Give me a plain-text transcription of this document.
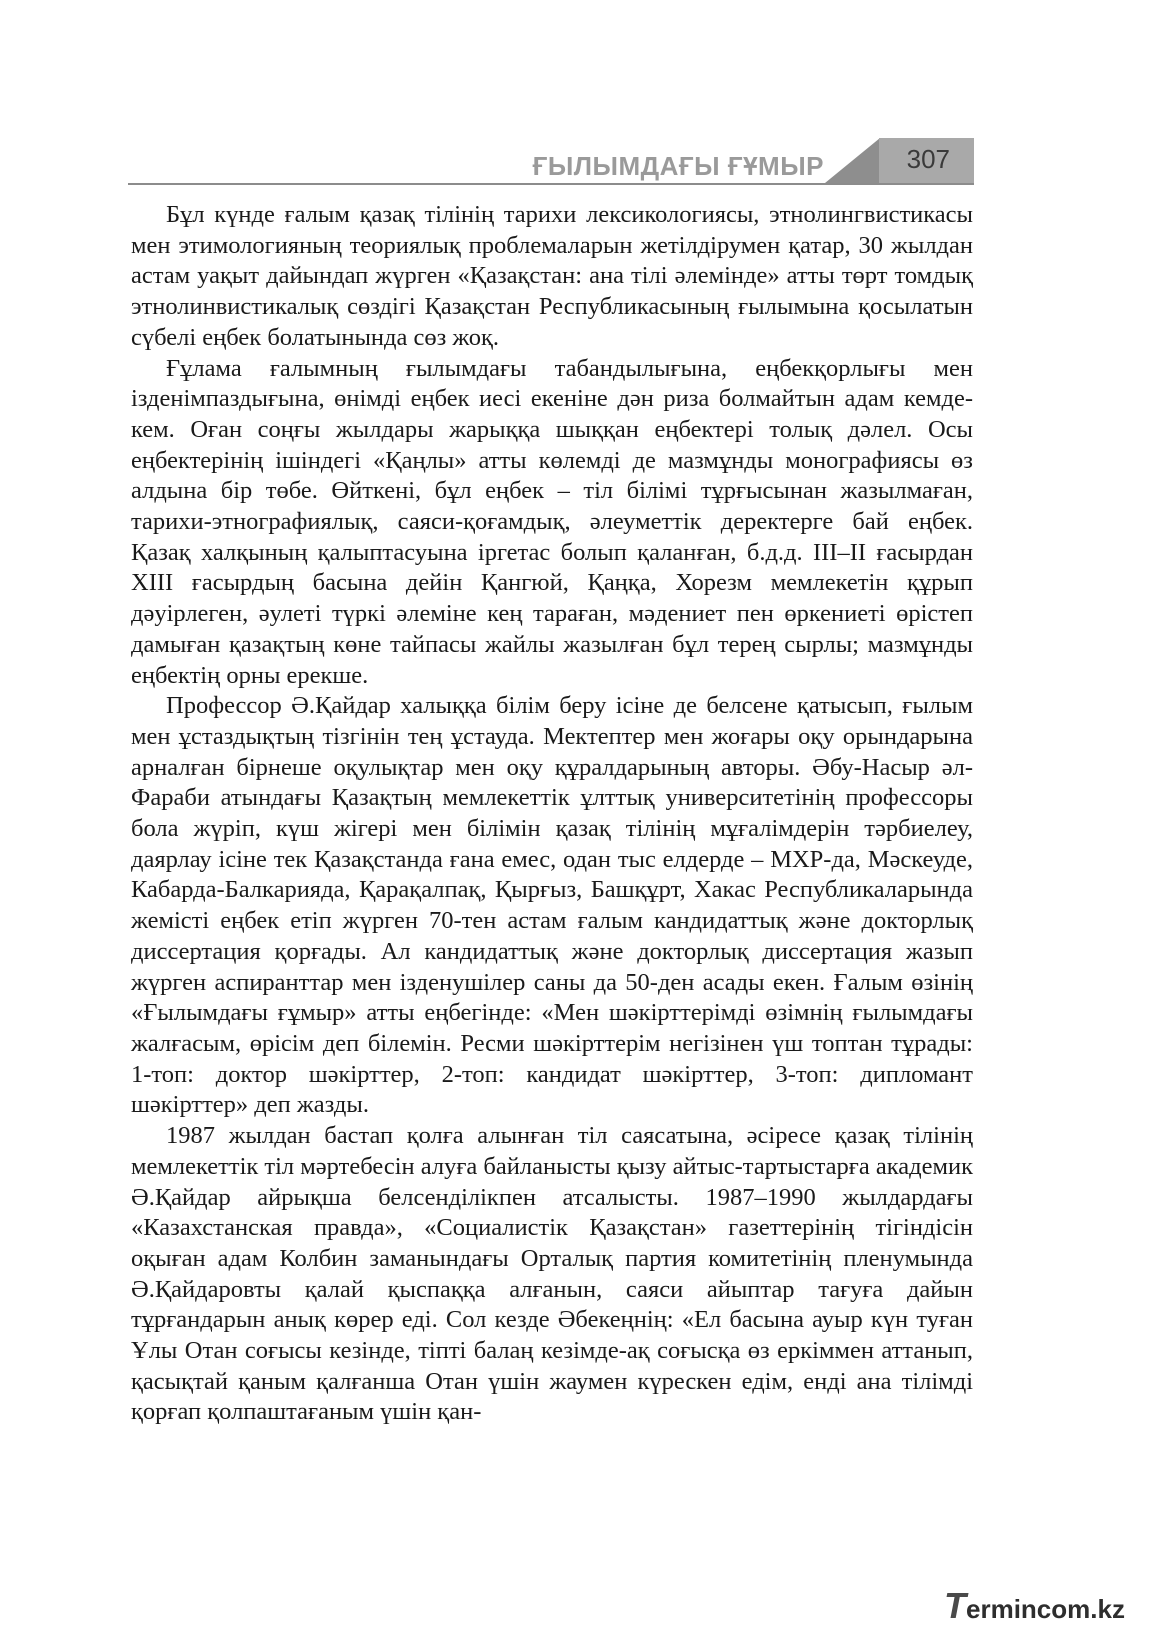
ҒЫЛЫМДАҒЫ ҒҰМЫР	307

Бұл күнде ғалым қазақ тілінің тарихи лексикологиясы, этнолингвистикасы мен этимологияның теориялық проблемаларын жетілдірумен қатар, 30 жылдан астам уақыт дайындап жүрген «Қазақстан: ана тілі әлемінде» атты төрт томдық этнолинвистикалық сөздігі Қазақстан Республикасының ғылымына қосылатын сүбелі еңбек болатынында сөз жоқ.

Ғұлама ғалымның ғылымдағы табандылығына, еңбекқорлығы мен ізденімпаздығына, өнімді еңбек иесі екеніне дән риза болмайтын адам кемде-кем. Оған соңғы жылдары жарыққа шыққан еңбектері толық дәлел. Осы еңбектерінің ішіндегі «Қаңлы» атты көлемді де мазмұнды монографиясы өз алдына бір төбе. Өйткені, бұл еңбек – тіл білімі тұрғысынан жазылмаған, тарихи-этнографиялық, саяси-қоғамдық, әлеуметтік деректерге бай еңбек. Қазақ халқының қалыптасуына іргетас болып қаланған, б.д.д. ІІІ–ІІ ғасырдан ХІІІ ғасырдың басына дейін Қангюй, Қаңқа, Хорезм мемлекетін құрып дәуірлеген, әулеті түркі әлеміне кең тараған, мәдениет пен өркениеті өрістеп дамыған қазақтың көне тайпасы жайлы жазылған бұл терең сырлы; мазмұнды еңбектің орны ерекше.

Профессор Ә.Қайдар халыққа білім беру ісіне де белсене қатысып, ғылым мен ұстаздықтың тізгінін тең ұстауда. Мектептер мен жоғары оқу орындарына арналған бірнеше оқулықтар мен оқу құралдарының авторы. Әбу-Насыр әл-Фараби атындағы Қазақтың мемлекеттік ұлттық университетінің профессоры бола жүріп, күш жігері мен білімін қазақ тілінің мұғалімдерін тәрбиелеу, даярлау ісіне тек Қазақстанда ғана емес, одан тыс елдерде – МХР-да, Мәскеуде, Кабарда-Балкарияда, Қарақалпақ, Қырғыз, Башқұрт, Хакас Республикаларында жемісті еңбек етіп жүрген 70-тен астам ғалым кандидаттық және докторлық диссертация қорғады. Ал кандидаттық және докторлық диссертация жазып жүрген аспиранттар мен ізденушілер саны да 50-ден асады екен. Ғалым өзінің «Ғылымдағы ғұмыр» атты еңбегінде: «Мен шәкірттерімді өзімнің ғылымдағы жалғасым, өрісім деп білемін. Ресми шәкірттерім негізінен үш топтан тұрады: 1-топ: доктор шәкірттер, 2-топ: кандидат шәкірттер, 3-топ: дипломант шәкірттер» деп жазды.

1987 жылдан бастап қолға алынған тіл саясатына, әсіресе қазақ тілінің мемлекеттік тіл мәртебесін алуға байланысты қызу айтыс-тартыстарға академик Ә.Қайдар айрықша белсенділікпен атсалысты. 1987–1990 жылдардағы «Казахстанская правда», «Социалистік Қазақстан» газеттерінің тігіндісін оқыған адам Колбин заманындағы Орталық партия комитетінің пленумында Ә.Қайдаровты қалай қыспаққа алғанын, саяси айыптар тағуға дайын тұрғандарын анық көрер еді. Сол кезде Әбекеңнің: «Ел басына ауыр күн туған Ұлы Отан соғысы кезінде, тіпті балаң кезімде-ақ соғысқа өз еркіммен аттанып, қасықтай қаным қалғанша Отан үшін жаумен күрескен едім, енді ана тілімді қорғап қолпаштағаным үшін қан-

Termincom.kz
